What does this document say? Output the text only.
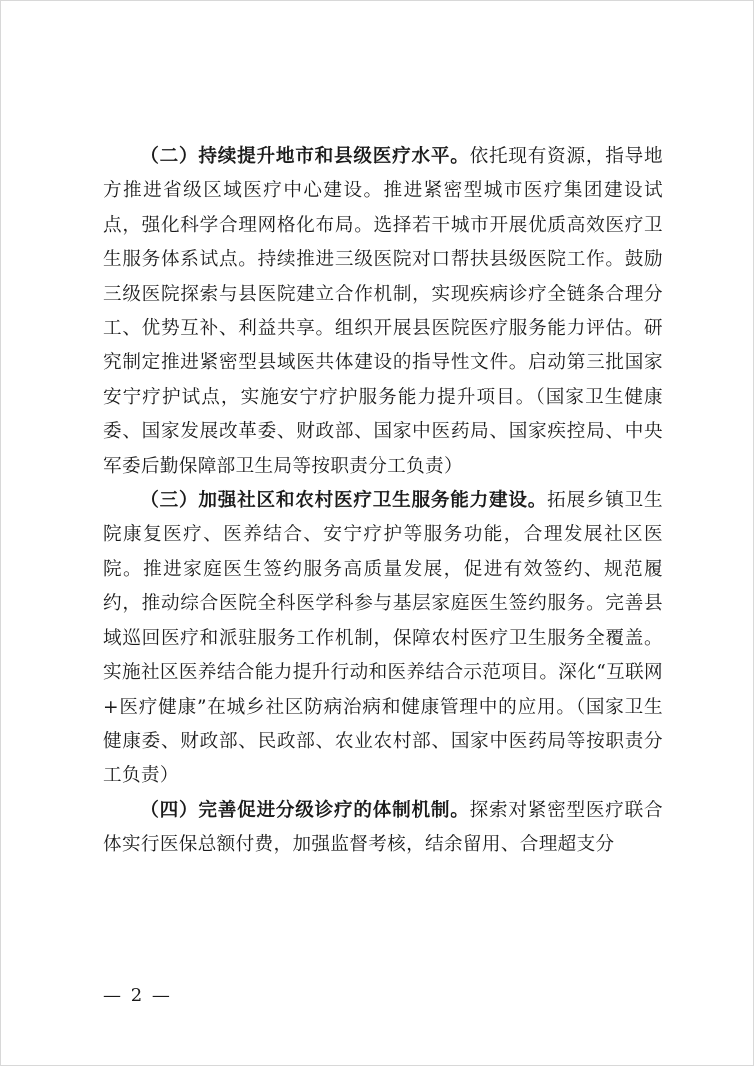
（二）持续提升地市和县级医疗水平。依托现有资源，指导地方推进省级区域医疗中心建设。推进紧密型城市医疗集团建设试点，强化科学合理网格化布局。选择若干城市开展优质高效医疗卫生服务体系试点。持续推进三级医院对口帮扶县级医院工作。鼓励三级医院探索与县医院建立合作机制，实现疾病诊疗全链条合理分工、优势互补、利益共享。组织开展县医院医疗服务能力评估。研究制定推进紧密型县域医共体建设的指导性文件。启动第三批国家安宁疗护试点，实施安宁疗护服务能力提升项目。（国家卫生健康委、国家发展改革委、财政部、国家中医药局、国家疾控局、中央军委后勤保障部卫生局等按职责分工负责）

（三）加强社区和农村医疗卫生服务能力建设。拓展乡镇卫生院康复医疗、医养结合、安宁疗护等服务功能，合理发展社区医院。推进家庭医生签约服务高质量发展，促进有效签约、规范履约，推动综合医院全科医学科参与基层家庭医生签约服务。完善县域巡回医疗和派驻服务工作机制，保障农村医疗卫生服务全覆盖。实施社区医养结合能力提升行动和医养结合示范项目。深化“互联网+医疗健康”在城乡社区防病治病和健康管理中的应用。（国家卫生健康委、财政部、民政部、农业农村部、国家中医药局等按职责分工负责）

（四）完善促进分级诊疗的体制机制。探索对紧密型医疗联合体实行医保总额付费，加强监督考核，结余留用、合理超支分

— 2 —
